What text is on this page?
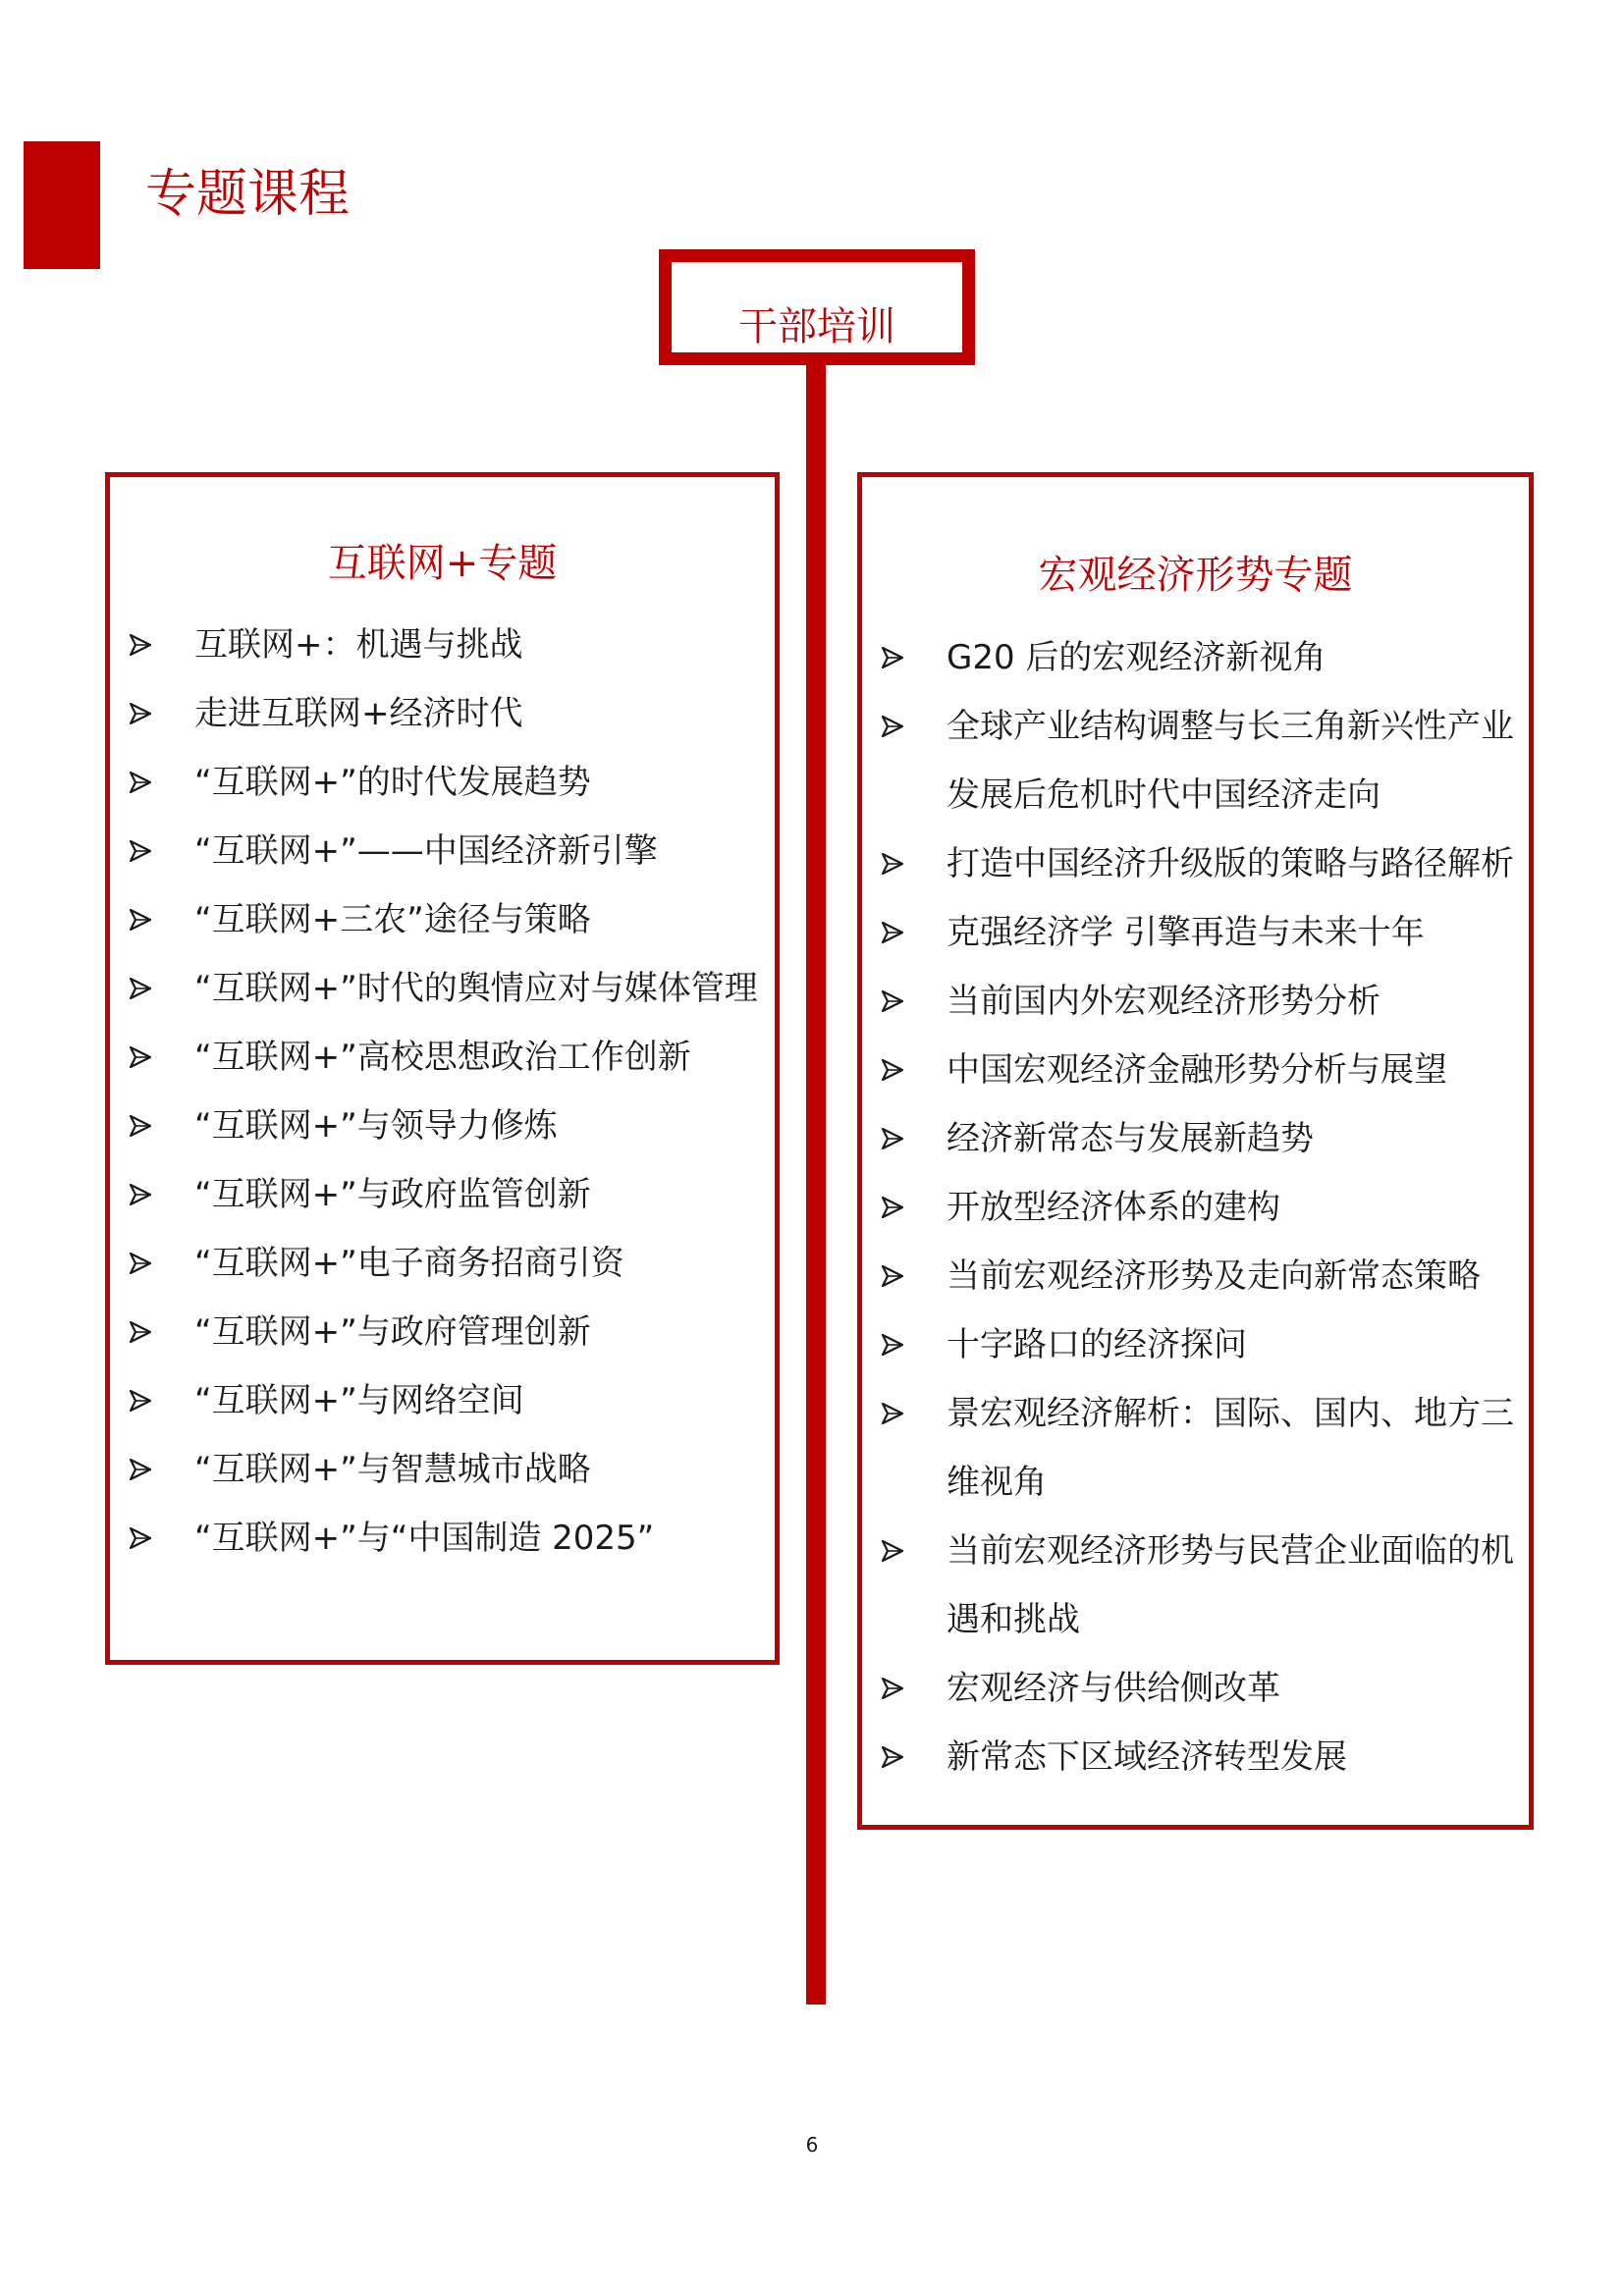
专题课程
干部培训
互联网+专题
互联网+：机遇与挑战
走进互联网+经济时代
“互联网+”的时代发展趋势
“互联网+”——中国经济新引擎
“互联网+三农”途径与策略
“互联网+”时代的舆情应对与媒体管理
“互联网+”高校思想政治工作创新
“互联网+”与领导力修炼
“互联网+”与政府监管创新
“互联网+”电子商务招商引资
“互联网+”与政府管理创新
“互联网+”与网络空间
“互联网+”与智慧城市战略
“互联网+”与“中国制造 2025”
宏观经济形势专题
G20 后的宏观经济新视角
全球产业结构调整与长三角新兴性产业发展后危机时代中国经济走向
打造中国经济升级版的策略与路径解析
克强经济学 引擎再造与未来十年
当前国内外宏观经济形势分析
中国宏观经济金融形势分析与展望
经济新常态与发展新趋势
开放型经济体系的建构
当前宏观经济形势及走向新常态策略
十字路口的经济探问
景宏观经济解析：国际、国内、地方三维视角
当前宏观经济形势与民营企业面临的机遇和挑战
宏观经济与供给侧改革
新常态下区域经济转型发展
6
